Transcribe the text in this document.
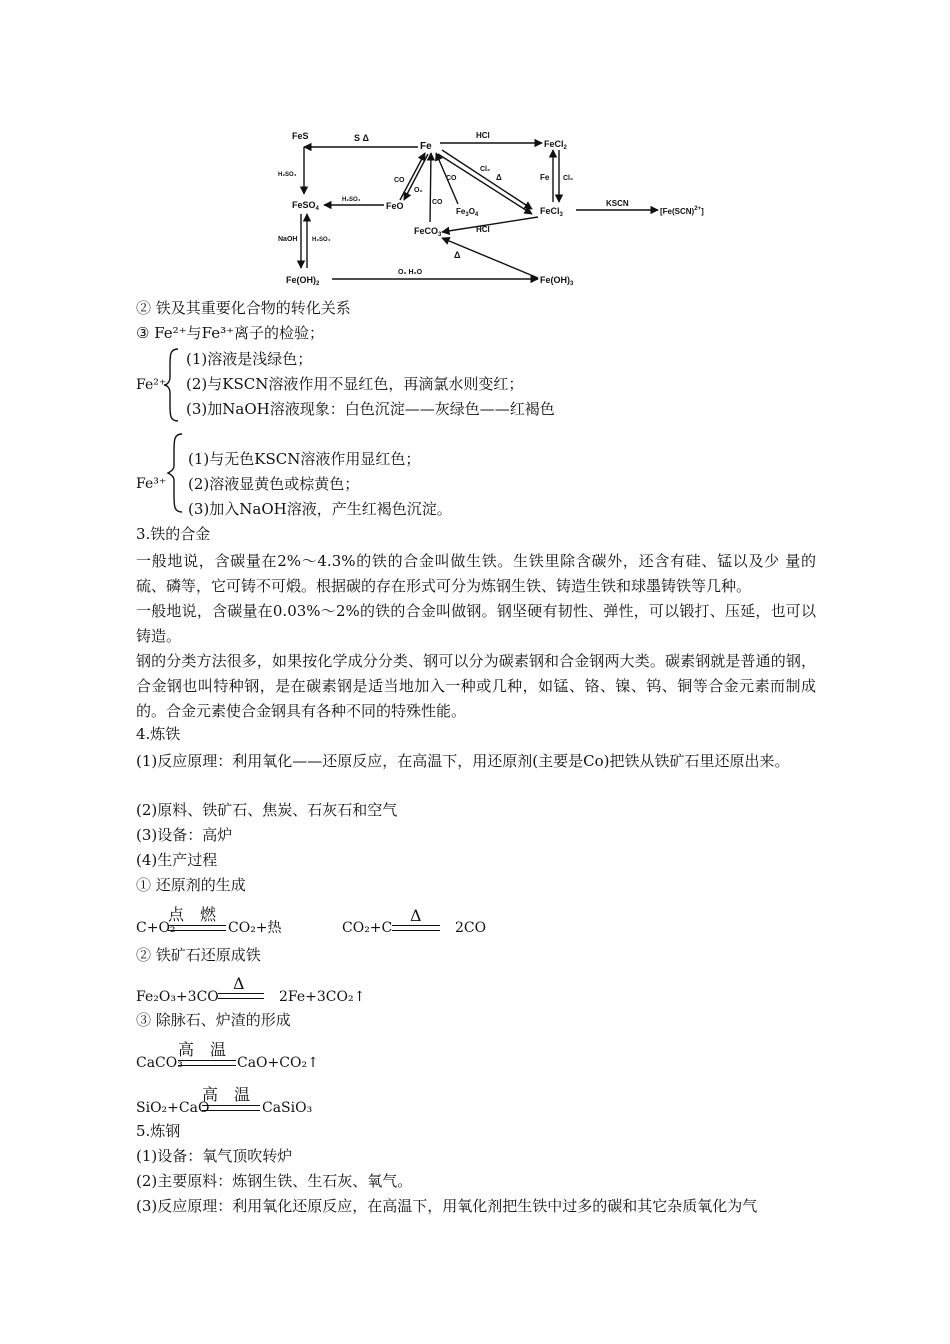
FeS
Fe	FeCl$_2$
FeSO$_4$	FeO
$Fe_3O_4$	FeCl$_3$
FeCO$_3$
[Fe(SCN)$^{2+}$]
$Fe(OH)_2$	$Fe(OH)_3$
S Δ	HCl
H₂SO₄
H₂SO₄
CO
O₂
CO
CO
Cl₂
Δ	Fe Cl₂
KSCN
NaOH H₂SO₄
HCl
Δ
O₂ H₂O
② 铁及其重要化合物的转化关系
③ Fe²⁺与Fe³⁺离子的检验；
Fe²⁺
(1)溶液是浅绿色；
(2)与KSCN溶液作用不显红色，再滴氯水则变红；
(3)加NaOH溶液现象：白色沉淀——灰绿色——红褐色
Fe³⁺
(1)与无色KSCN溶液作用显红色；
(2)溶液显黄色或棕黄色；
(3)加入NaOH溶液，产生红褐色沉淀。
3.铁的合金
一般地说，含碳量在2%～4.3%的铁的合金叫做生铁。生铁里除含碳外，还含有硅、锰以及少 量的硫、磷等，它可铸不可煅。根据碳的存在形式可分为炼钢生铁、铸造生铁和球墨铸铁等几种。
一般地说，含碳量在0.03%～2%的铁的合金叫做钢。钢坚硬有韧性、弹性，可以锻打、压延，也可以铸造。
钢的分类方法很多，如果按化学成分分类、钢可以分为碳素钢和合金钢两大类。碳素钢就是普通的钢，合金钢也叫特种钢，是在碳素钢是适当地加入一种或几种，如锰、铬、镍、钨、铜等合金元素而制成的。合金元素使合金钢具有各种不同的特殊性能。
4.炼铁
(1)反应原理：利用氧化——还原反应，在高温下，用还原剂(主要是Co)把铁从铁矿石里还原出来。
(2)原料、铁矿石、焦炭、石灰石和空气
(3)设备：高炉
(4)生产过程
① 还原剂的生成
C+O₂
点　燃
CO₂+热	CO₂+C
Δ
2CO
② 铁矿石还原成铁
Fe₂O₃+3CO
Δ
2Fe+3CO₂↑
③ 除脉石、炉渣的形成
CaCO₃
高　温
CaO+CO₂↑
SiO₂+CaO
高　温
CaSiO₃
5.炼钢
(1)设备：氧气顶吹转炉
(2)主要原料：炼钢生铁、生石灰、氧气。
(3)反应原理：利用氧化还原反应，在高温下，用氧化剂把生铁中过多的碳和其它杂质氧化为气
